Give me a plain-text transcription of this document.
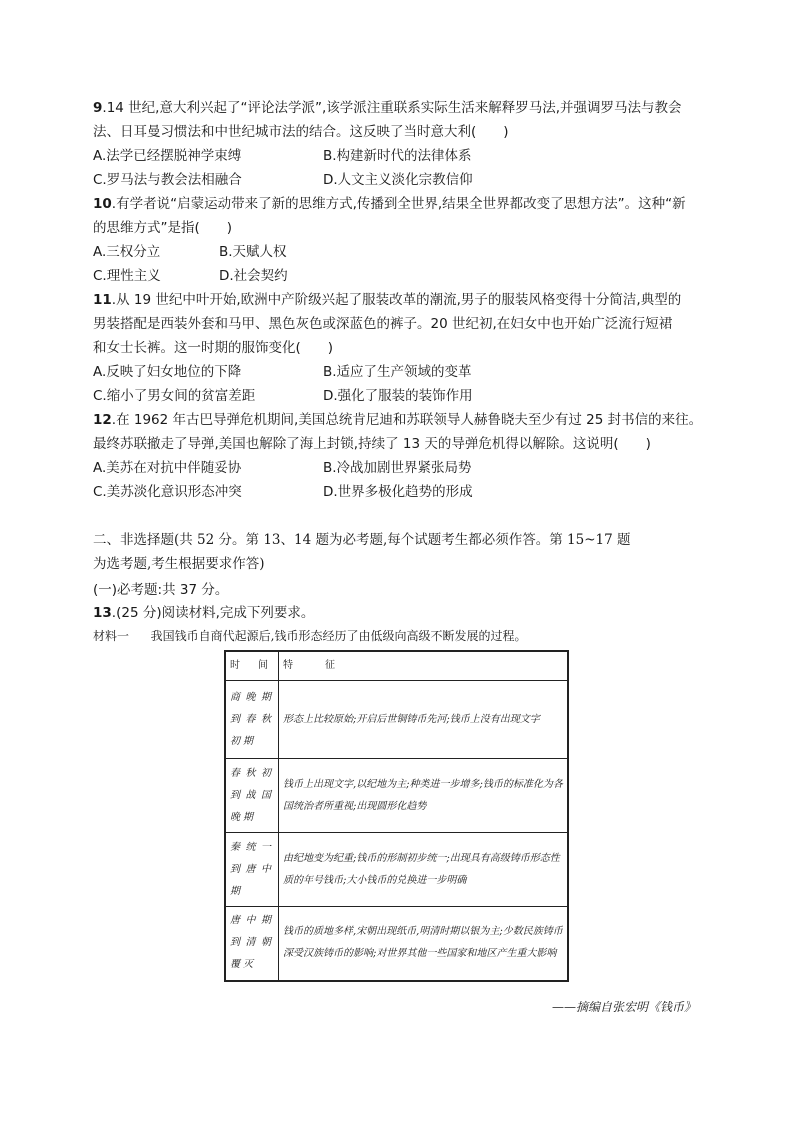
9.14 世纪,意大利兴起了“评论法学派”,该学派注重联系实际生活来解释罗马法,并强调罗马法与教会
法、日耳曼习惯法和中世纪城市法的结合。这反映了当时意大利(　　)
A.法学已经摆脱神学束缚	B.构建新时代的法律体系
C.罗马法与教会法相融合	D.人文主义淡化宗教信仰
10.有学者说“启蒙运动带来了新的思维方式,传播到全世界,结果全世界都改变了思想方法”。这种“新
的思维方式”是指(　　)
A.三权分立	B.天赋人权
C.理性主义	D.社会契约
11.从 19 世纪中叶开始,欧洲中产阶级兴起了服装改革的潮流,男子的服装风格变得十分简洁,典型的
男装搭配是西装外套和马甲、黑色灰色或深蓝色的裤子。20 世纪初,在妇女中也开始广泛流行短裙
和女士长裤。这一时期的服饰变化(　　)
A.反映了妇女地位的下降	B.适应了生产领域的变革
C.缩小了男女间的贫富差距	D.强化了服装的装饰作用
12.在 1962 年古巴导弹危机期间,美国总统肯尼迪和苏联领导人赫鲁晓夫至少有过 25 封书信的来往。
最终苏联撤走了导弹,美国也解除了海上封锁,持续了 13 天的导弹危机得以解除。这说明(　　)
A.美苏在对抗中伴随妥协	B.冷战加剧世界紧张局势
C.美苏淡化意识形态冲突	D.世界多极化趋势的形成
二、非选择题(共 52 分。第 13、14 题为必考题,每个试题考生都必须作答。第 15~17 题
为选考题,考生根据要求作答)
(一)必考题:共 37 分。
13.(25 分)阅读材料,完成下列要求。
材料一 我国钱币自商代起源后,钱币形态经历了由低级向高级不断发展的过程。
时　间	特　　征
商晚期到春秋初期	形态上比较原始;开启后世铜铸币先河;钱币上没有出现文字
春秋初到战国晚期	钱币上出现文字,以纪地为主;种类进一步增多;钱币的标准化为各国统治者所重视;出现圆形化趋势
秦统一到唐中期	由纪地变为纪重;钱币的形制初步统一;出现具有高级铸币形态性质的年号钱币;大小钱币的兑换进一步明确
唐中期到清朝覆灭	钱币的质地多样,宋朝出现纸币,明清时期以银为主;少数民族铸币深受汉族铸币的影响;对世界其他一些国家和地区产生重大影响
——摘编自张宏明《钱币》
